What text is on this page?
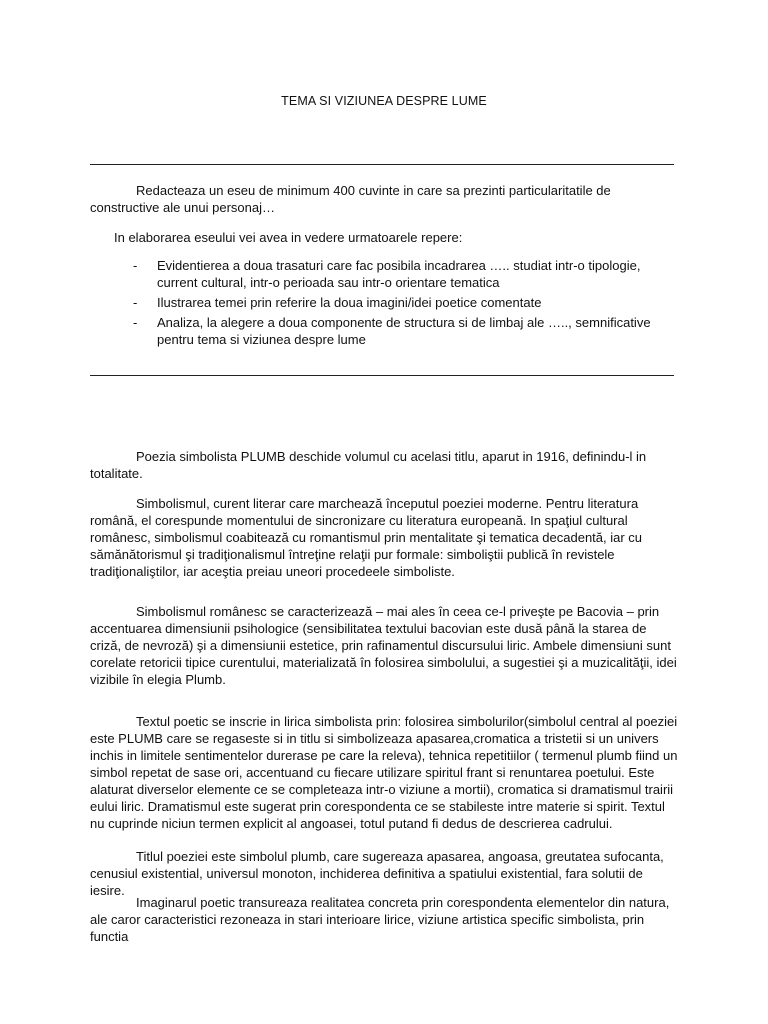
TEMA SI VIZIUNEA DESPRE LUME
Redacteaza un eseu de minimum 400 cuvinte in care sa prezinti particularitatile de constructive ale unui personaj…
In elaborarea eseului vei avea in vedere urmatoarele repere:
- Evidentierea a doua trasaturi care fac posibila incadrarea ….. studiat intr-o tipologie, current cultural, intr-o perioada sau intr-o orientare tematica
- Ilustrarea temei prin referire la doua imagini/idei poetice comentate
- Analiza, la alegere a doua componente de structura si de limbaj ale ….., semnificative pentru tema si viziunea despre lume
Poezia simbolista PLUMB deschide volumul cu acelasi titlu, aparut in 1916, definindu-l in totalitate.
Simbolismul, curent literar care marchează începutul poeziei moderne. Pentru literatura română, el corespunde momentului de sincronizare cu literatura europeană. In spaţiul cultural românesc, simbolismul coabitează cu romantismul prin mentalitate şi tematica decadentă, iar cu sămănătorismul şi tradiţionalismul întreţine relaţii pur formale: simboliştii publică în revistele tradiţionaliştilor, iar aceştia preiau uneori procedeele simboliste.
Simbolismul românesc se caracterizează – mai ales în ceea ce-l priveşte pe Bacovia – prin accentuarea dimensiunii psihologice (sensibilitatea textului bacovian este dusă până la starea de criză, de nevroză) şi a dimensiunii estetice, prin rafinamentul discursului liric. Ambele dimensiuni sunt corelate retoricii tipice curentului, materializată în folosirea simbolului, a sugestiei şi a muzicalităţii, idei vizibile în elegia Plumb.
Textul poetic se inscrie in lirica simbolista prin: folosirea simbolurilor(simbolul central al poeziei este PLUMB care se regaseste si in titlu si simbolizeaza apasarea,cromatica a tristetii si un univers inchis in limitele sentimentelor durerase pe care la releva), tehnica repetitiilor ( termenul plumb fiind un simbol repetat de sase ori, accentuand cu fiecare utilizare spiritul frant si renuntarea poetului. Este alaturat diverselor elemente ce se completeaza intr-o viziune a mortii), cromatica si dramatismul trairii eului liric. Dramatismul este sugerat prin corespondenta ce se stabileste intre materie si spirit. Textul nu cuprinde niciun termen explicit al angoasei, totul putand fi dedus de descrierea cadrului.
Titlul poeziei este simbolul plumb, care sugereaza apasarea, angoasa, greutatea sufocanta, cenusiul existential, universul monoton, inchiderea definitiva a spatiului existential, fara solutii de iesire.
Imaginarul poetic transureaza realitatea concreta prin corespondenta elementelor din natura, ale caror caracteristici rezoneaza in stari interioare lirice, viziune artistica specific simbolista, prin functia
